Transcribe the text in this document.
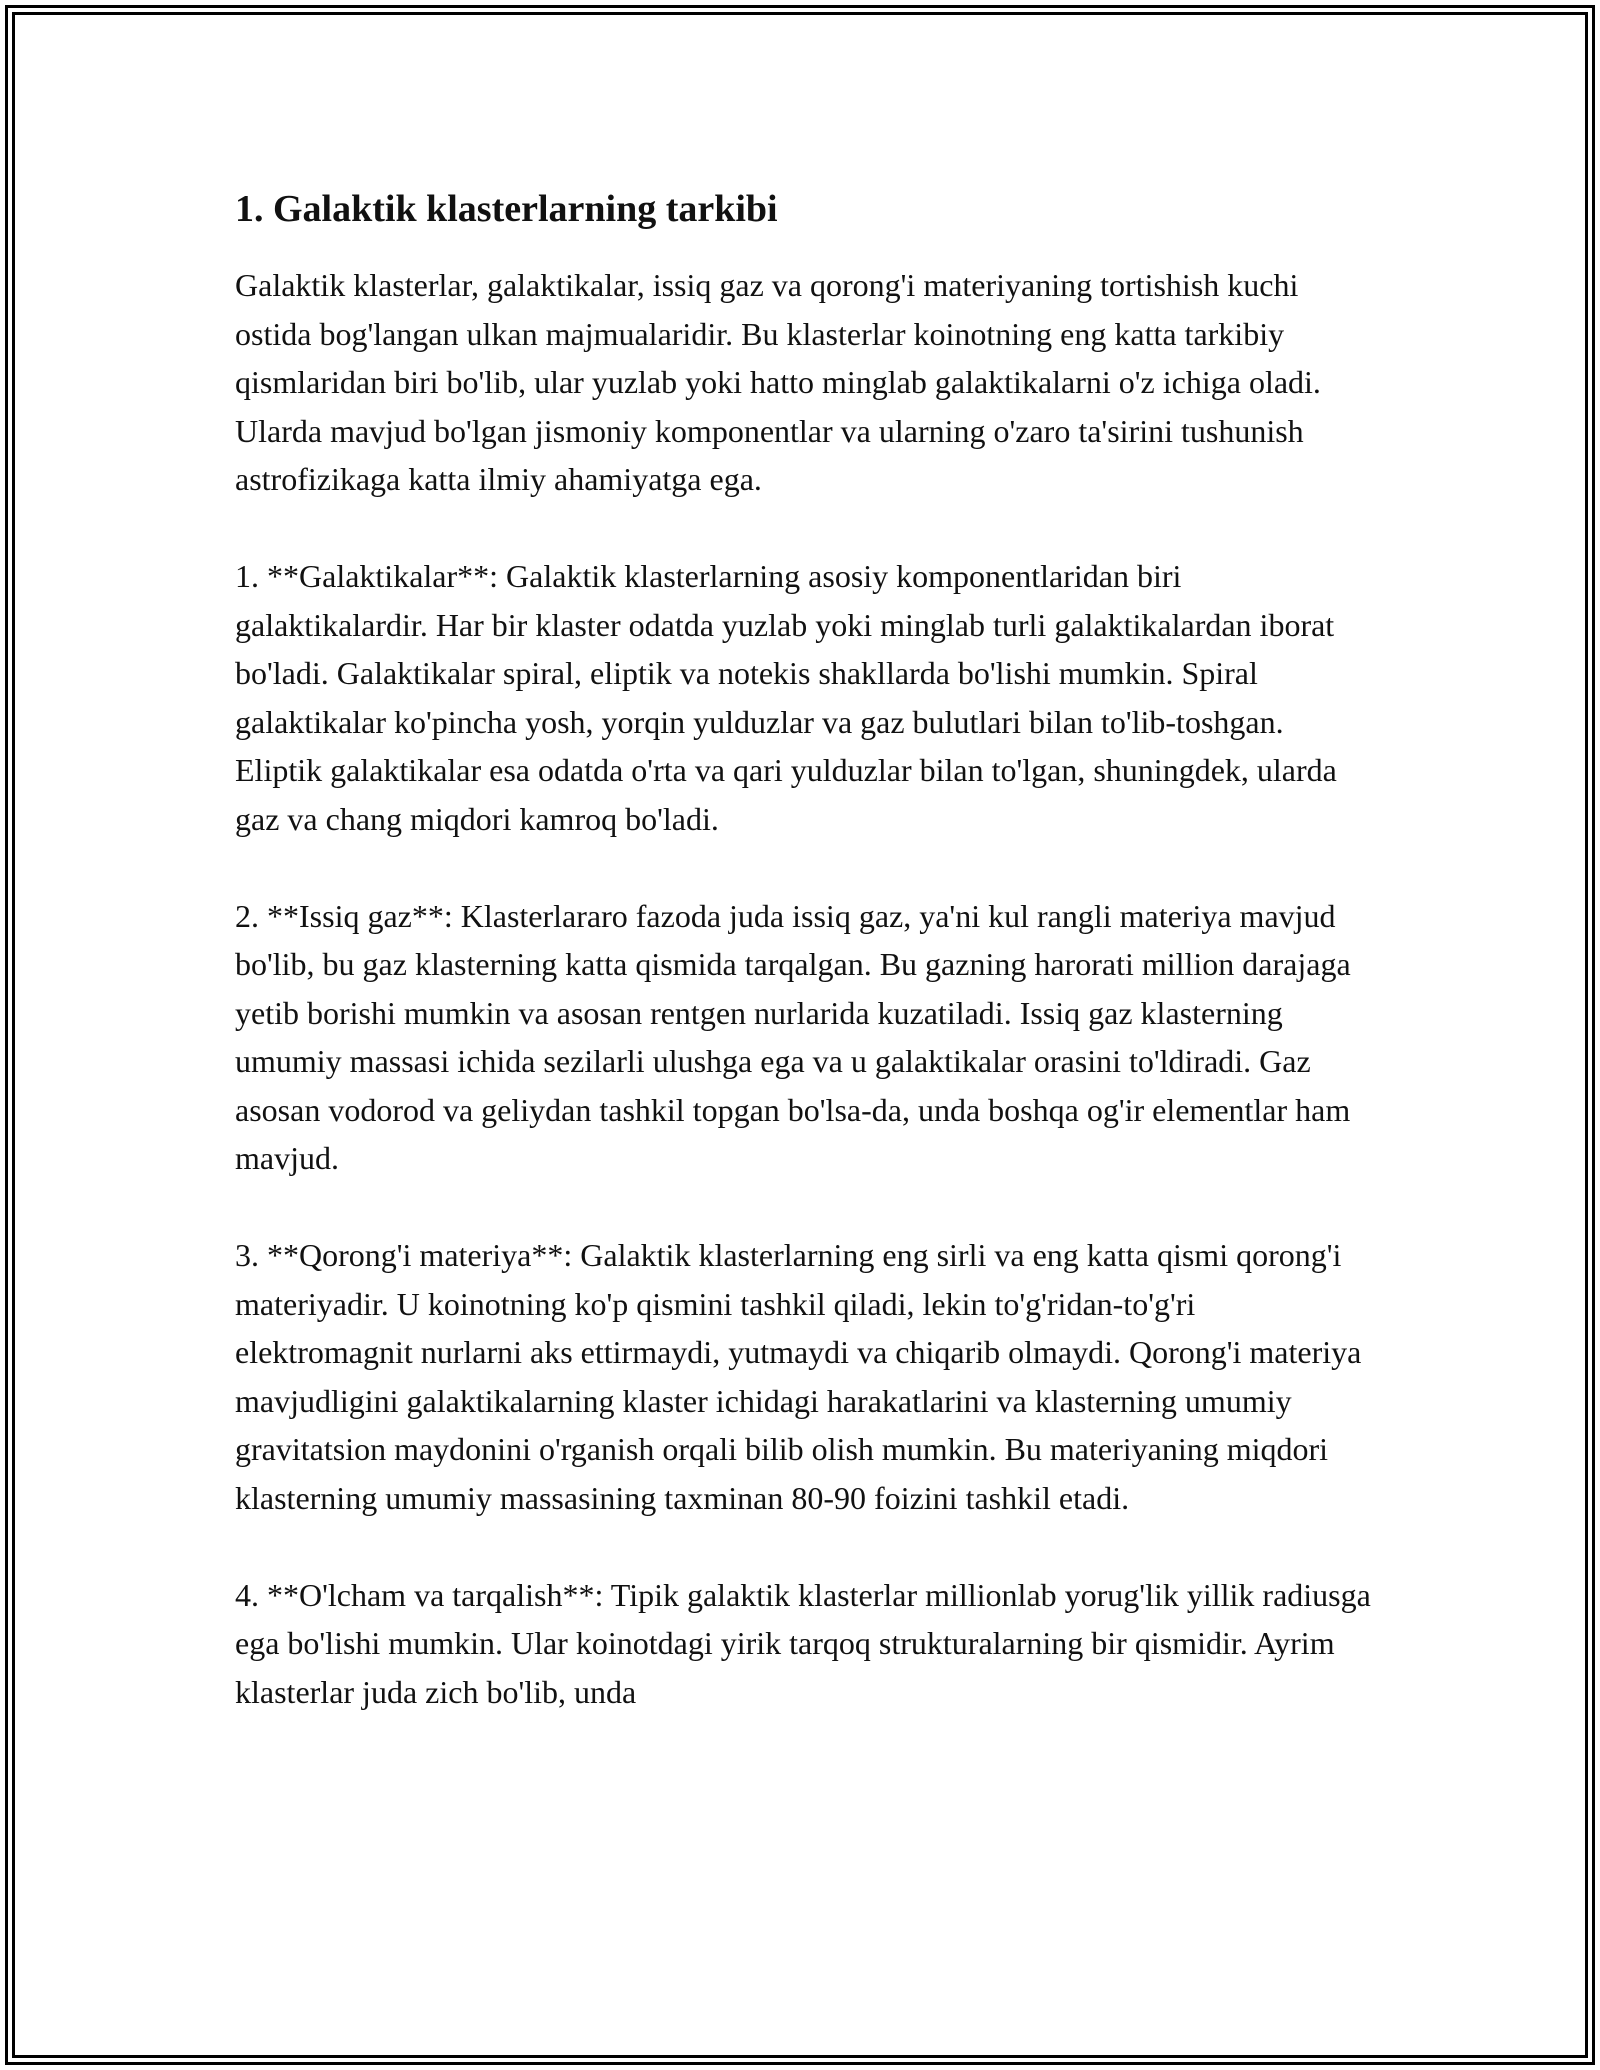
1. Galaktik klasterlarning tarkibi

Galaktik klasterlar, galaktikalar, issiq gaz va qorong'i materiyaning tortishish kuchi ostida bog'langan ulkan majmualaridir. Bu klasterlar koinotning eng katta tarkibiy qismlaridan biri bo'lib, ular yuzlab yoki hatto minglab galaktikalarni o'z ichiga oladi. Ularda mavjud bo'lgan jismoniy komponentlar va ularning o'zaro ta'sirini tushunish astrofizikaga katta ilmiy ahamiyatga ega.

1. **Galaktikalar**: Galaktik klasterlarning asosiy komponentlaridan biri galaktikalardir. Har bir klaster odatda yuzlab yoki minglab turli galaktikalardan iborat bo'ladi. Galaktikalar spiral, eliptik va notekis shakllarda bo'lishi mumkin. Spiral galaktikalar ko'pincha yosh, yorqin yulduzlar va gaz bulutlari bilan to'lib-toshgan. Eliptik galaktikalar esa odatda o'rta va qari yulduzlar bilan to'lgan, shuningdek, ularda gaz va chang miqdori kamroq bo'ladi.

2. **Issiq gaz**: Klasterlararo fazoda juda issiq gaz, ya'ni kul rangli materiya mavjud bo'lib, bu gaz klasterning katta qismida tarqalgan. Bu gazning harorati million darajaga yetib borishi mumkin va asosan rentgen nurlarida kuzatiladi. Issiq gaz klasterning umumiy massasi ichida sezilarli ulushga ega va u galaktikalar orasini to'ldiradi. Gaz asosan vodorod va geliydan tashkil topgan bo'lsa-da, unda boshqa og'ir elementlar ham mavjud.

3. **Qorong'i materiya**: Galaktik klasterlarning eng sirli va eng katta qismi qorong'i materiyadir. U koinotning ko'p qismini tashkil qiladi, lekin to'g'ridan-to'g'ri elektromagnit nurlarni aks ettirmaydi, yutmaydi va chiqarib olmaydi. Qorong'i materiya mavjudligini galaktikalarning klaster ichidagi harakatlarini va klasterning umumiy gravitatsion maydonini o'rganish orqali bilib olish mumkin. Bu materiyaning miqdori klasterning umumiy massasining taxminan 80-90 foizini tashkil etadi.

4. **O'lcham va tarqalish**: Tipik galaktik klasterlar millionlab yorug'lik yillik radiusga ega bo'lishi mumkin. Ular koinotdagi yirik tarqoq strukturalarning bir qismidir. Ayrim klasterlar juda zich bo'lib, unda
